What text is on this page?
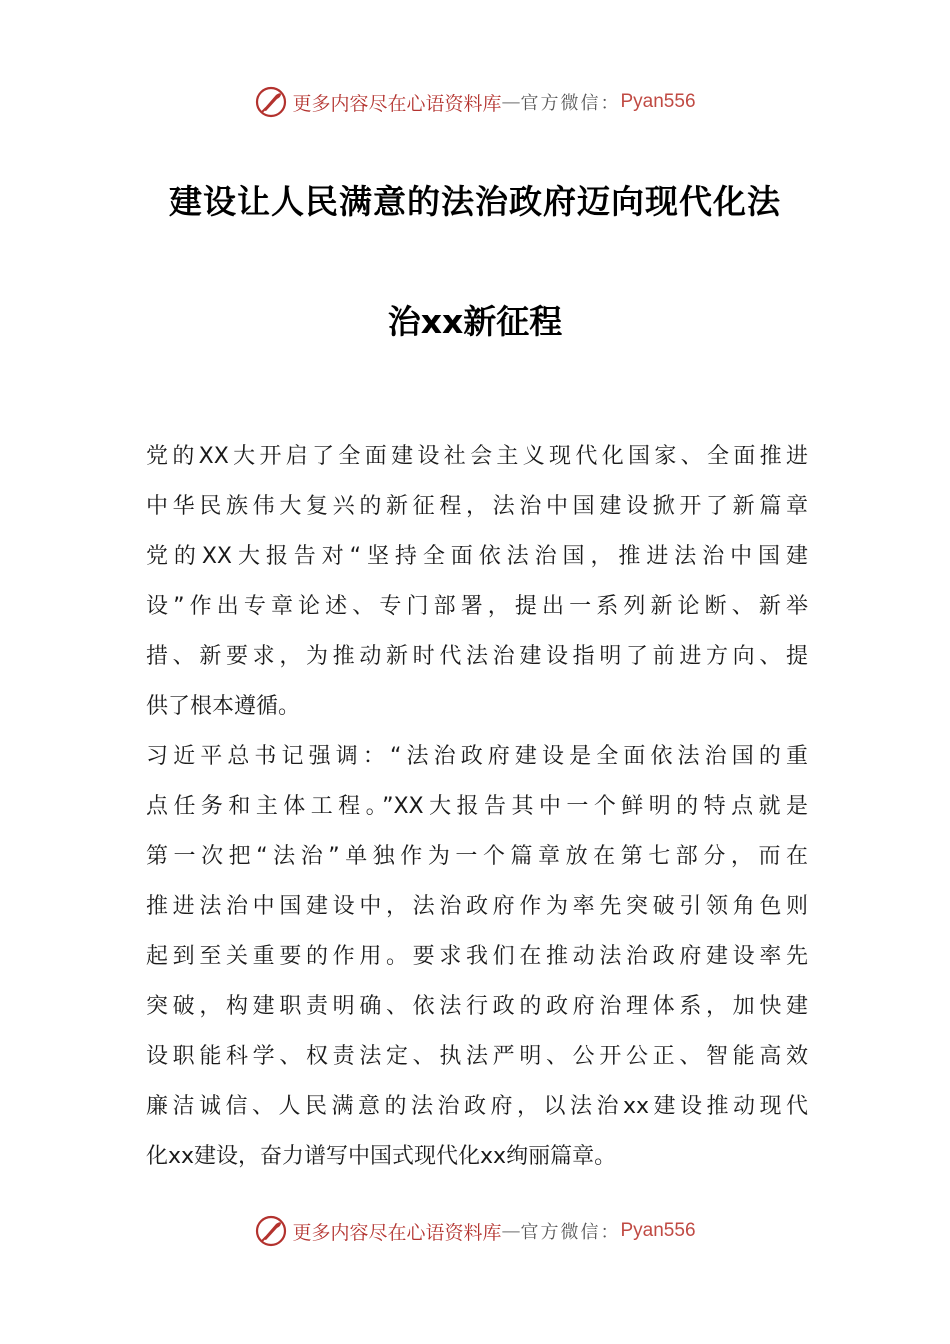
更多内容尽在心语资料库 — 官方微信： Pyan556
建设让人民满意的法治政府迈向现代化法
治xx新征程
党的XX大开启了全面建设社会主义现代化国家、全面推进
中华民族伟大复兴的新征程，法治中国建设掀开了新篇章
党的XX大报告对“坚持全面依法治国，推进法治中国建
设”作出专章论述、专门部署，提出一系列新论断、新举
措、新要求，为推动新时代法治建设指明了前进方向、提
供了根本遵循。
习近平总书记强调：“法治政府建设是全面依法治国的重
点任务和主体工程。”XX大报告其中一个鲜明的特点就是
第一次把“法治”单独作为一个篇章放在第七部分，而在
推进法治中国建设中，法治政府作为率先突破引领角色则
起到至关重要的作用。要求我们在推动法治政府建设率先
突破，构建职责明确、依法行政的政府治理体系，加快建
设职能科学、权责法定、执法严明、公开公正、智能高效
廉洁诚信、人民满意的法治政府，以法治xx建设推动现代
化xx建设，奋力谱写中国式现代化xx绚丽篇章。
更多内容尽在心语资料库 — 官方微信： Pyan556
